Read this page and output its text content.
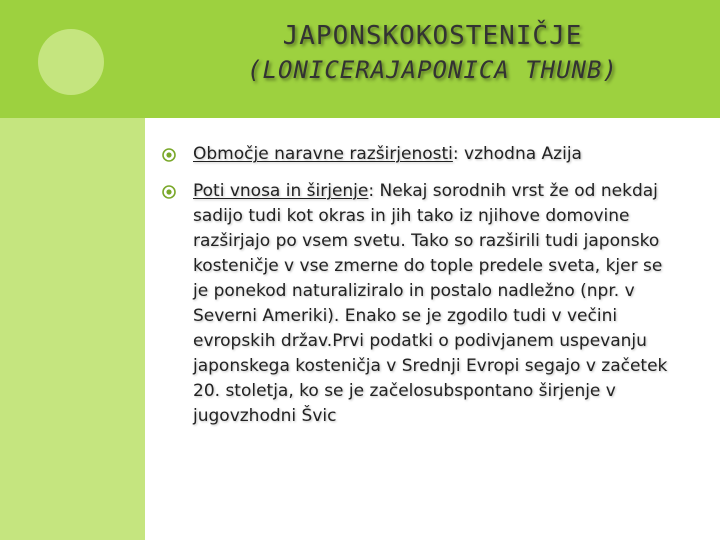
JAPONSKOKOSTENIČJE
(LONICERAJAPONICA THUNB)
Območje naravne razširjenosti: vzhodna Azija
Poti vnosa in širjenje: Nekaj sorodnih vrst že od nekdaj sadijo tudi kot okras in jih tako iz njihove domovine razširjajo po vsem svetu. Tako so razširili tudi japonsko kosteničje v vse zmerne do tople predele sveta, kjer se je ponekod naturaliziralo in postalo nadležno (npr. v Severni Ameriki). Enako se je zgodilo tudi v večini evropskih držav.Prvi podatki o podivjanem uspevanju japonskega kosteničja v Srednji Evropi segajo v začetek 20. stoletja, ko se je začelosubspontano širjenje v jugovzhodni Švic
